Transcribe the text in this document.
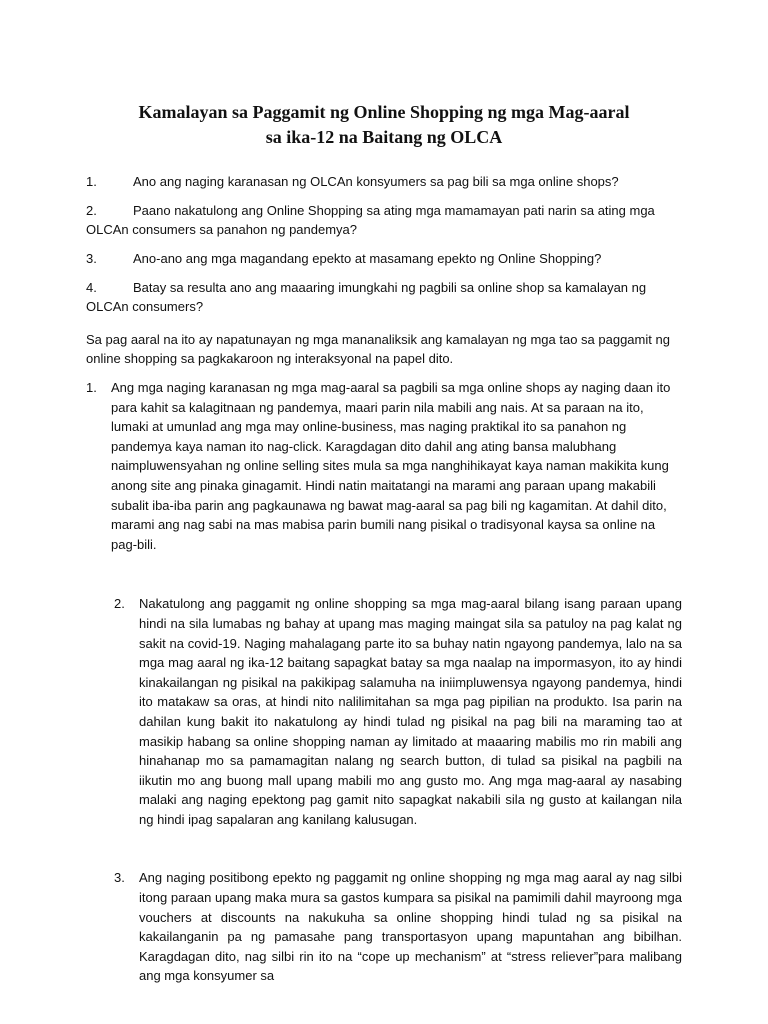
Kamalayan sa Paggamit ng Online Shopping ng mga Mag-aaral
sa ika-12 na Baitang ng OLCA
1.	Ano ang naging karanasan ng OLCAn konsyumers sa pag bili sa mga online shops?
2.	Paano nakatulong ang Online Shopping sa ating mga mamamayan pati narin sa ating mga OLCAn consumers sa panahon ng pandemya?
3.	Ano-ano ang mga magandang epekto at masamang epekto ng Online Shopping?
4.	Batay sa resulta ano ang maaaring imungkahi ng pagbili sa online shop sa kamalayan ng OLCAn consumers?

Sa pag aaral na ito ay napatunayan ng mga mananaliksik ang kamalayan ng mga tao sa paggamit ng online shopping sa pagkakaroon ng interaksyonal na papel dito.

1.	Ang mga naging karanasan ng mga mag-aaral sa pagbili sa mga online shops ay naging daan ito para kahit sa kalagitnaan ng pandemya, maari parin nila mabili ang nais. At sa paraan na ito, lumaki at umunlad ang mga may online-business, mas naging praktikal ito sa panahon ng pandemya kaya naman ito nag-click. Karagdagan dito dahil ang ating bansa malubhang naimpluwensyahan ng online selling sites mula sa mga nanghihikayat kaya naman makikita kung anong site ang pinaka ginagamit. Hindi natin maitatangi na marami ang paraan upang makabili subalit iba-iba parin ang pagkaunawa ng bawat mag-aaral sa pag bili ng kagamitan. At dahil dito, marami ang nag sabi na mas mabisa parin bumili nang pisikal o tradisyonal kaysa sa online na pag-bili.
2.	Nakatulong ang paggamit ng online shopping sa mga mag-aaral bilang isang paraan upang hindi na sila lumabas ng bahay at upang mas maging maingat sila sa patuloy na pag kalat ng sakit na covid-19. Naging mahalagang parte ito sa buhay natin ngayong pandemya, lalo na sa mga mag aaral ng ika-12 baitang sapagkat batay sa mga naalap na impormasyon, ito ay hindi kinakailangan ng pisikal na pakikipag salamuha na iniimpluwensya ngayong pandemya, hindi ito matakaw sa oras, at hindi nito nalilimitahan sa mga pag pipilian na produkto. Isa parin na dahilan kung bakit ito nakatulong ay hindi tulad ng pisikal na pag bili na maraming tao at masikip habang sa online shopping naman ay limitado at maaaring mabilis mo rin mabili ang hinahanap mo sa pamamagitan nalang ng search button, di tulad sa pisikal na pagbili na iikutin mo ang buong mall upang mabili mo ang gusto mo. Ang mga mag-aaral ay nasabing malaki ang naging epektong pag gamit nito sapagkat nakabili sila ng gusto at kailangan nila ng hindi ipag sapalaran ang kanilang kalusugan.
3.	Ang naging positibong epekto ng paggamit ng online shopping ng mga mag aaral ay nag silbi itong paraan upang maka mura sa gastos kumpara sa pisikal na pamimili dahil mayroong mga vouchers at discounts na nakukuha sa online shopping hindi tulad ng sa pisikal na kakailanganin pa ng pamasahe pang transportasyon upang mapuntahan ang bibilhan. Karagdagan dito, nag silbi rin ito na “cope up mechanism” at “stress reliever”para malibang ang mga konsyumer sa
